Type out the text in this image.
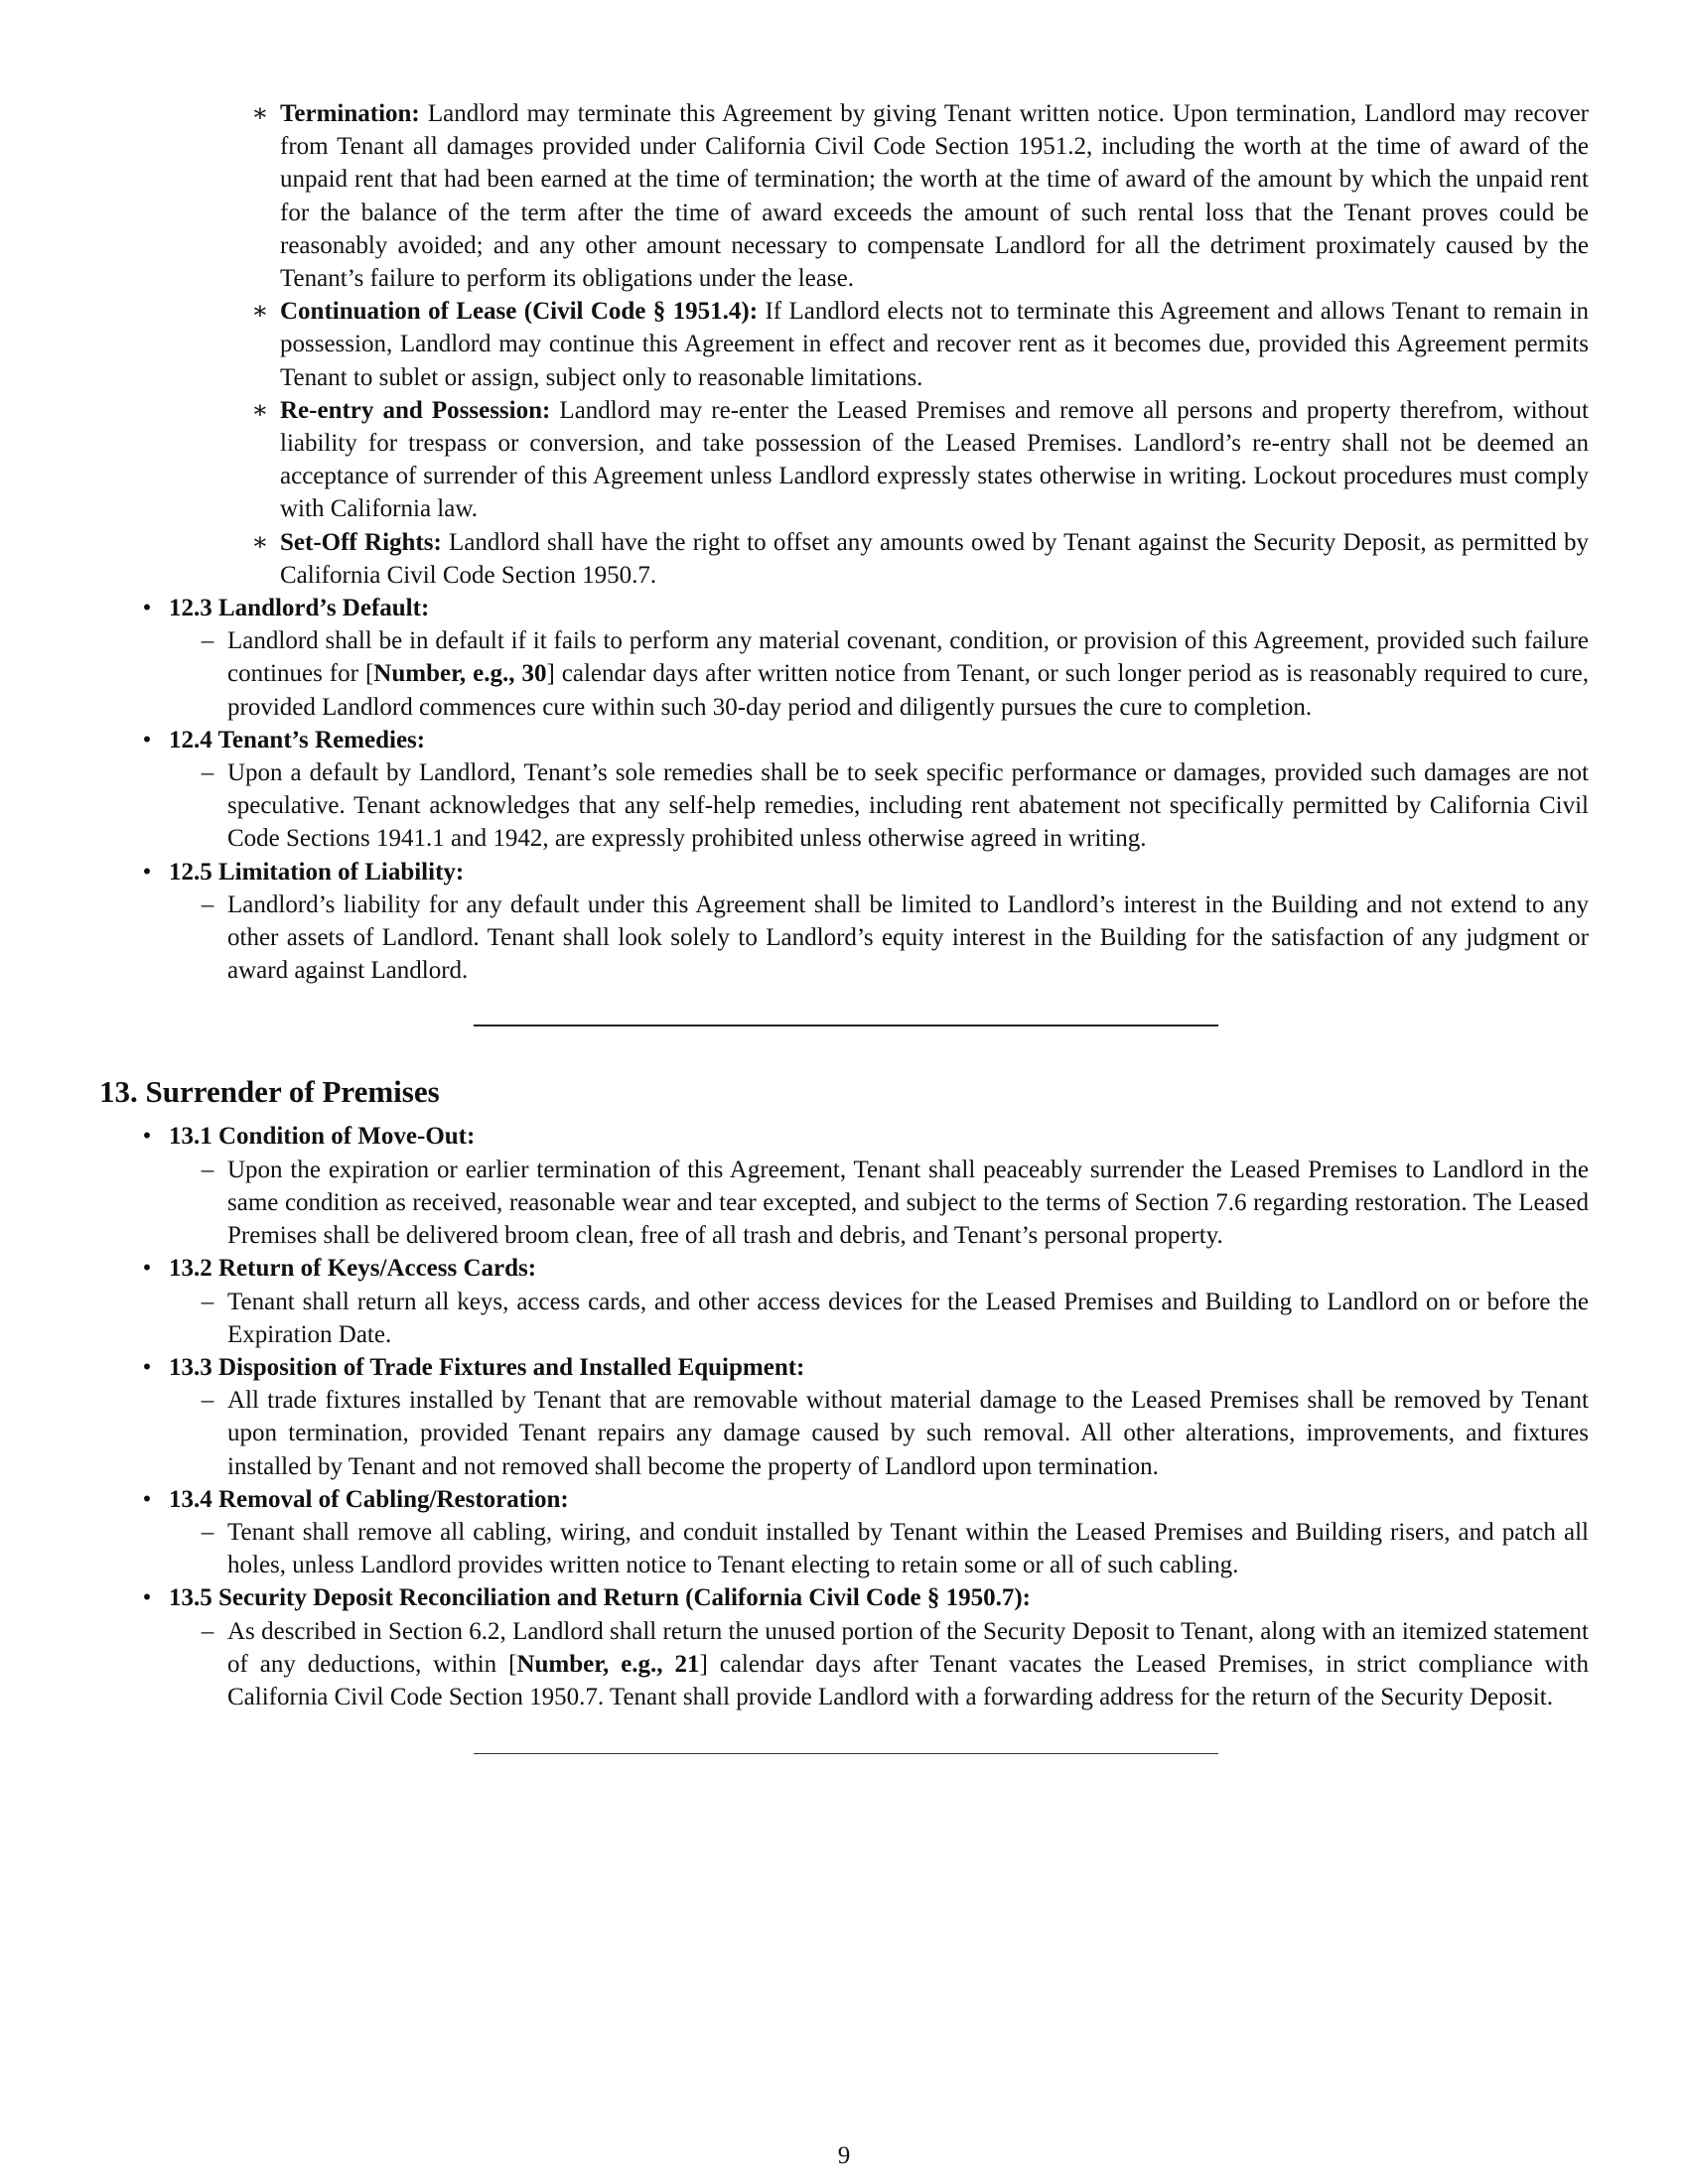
∗ Termination: Landlord may terminate this Agreement by giving Tenant written notice. Upon termination, Landlord may recover from Tenant all damages provided under California Civil Code Section 1951.2, including the worth at the time of award of the unpaid rent that had been earned at the time of termination; the worth at the time of award of the amount by which the unpaid rent for the balance of the term after the time of award exceeds the amount of such rental loss that the Tenant proves could be reasonably avoided; and any other amount necessary to compensate Landlord for all the detriment proximately caused by the Tenant’s failure to perform its obligations under the lease.
∗ Continuation of Lease (Civil Code § 1951.4): If Landlord elects not to terminate this Agreement and allows Tenant to remain in possession, Landlord may continue this Agreement in effect and recover rent as it becomes due, provided this Agreement permits Tenant to sublet or assign, subject only to reasonable limitations.
∗ Re-entry and Possession: Landlord may re-enter the Leased Premises and remove all persons and property therefrom, without liability for trespass or conversion, and take possession of the Leased Premises. Landlord’s re-entry shall not be deemed an acceptance of surrender of this Agreement unless Landlord expressly states otherwise in writing. Lockout procedures must comply with California law.
∗ Set-Off Rights: Landlord shall have the right to offset any amounts owed by Tenant against the Security Deposit, as permitted by California Civil Code Section 1950.7.
• 12.3 Landlord’s Default:
– Landlord shall be in default if it fails to perform any material covenant, condition, or provision of this Agreement, provided such failure continues for [Number, e.g., 30] calendar days after written notice from Tenant, or such longer period as is reasonably required to cure, provided Landlord commences cure within such 30-day period and diligently pursues the cure to completion.
• 12.4 Tenant’s Remedies:
– Upon a default by Landlord, Tenant’s sole remedies shall be to seek specific performance or damages, provided such damages are not speculative. Tenant acknowledges that any self-help remedies, including rent abatement not specifically permitted by California Civil Code Sections 1941.1 and 1942, are expressly prohibited unless otherwise agreed in writing.
• 12.5 Limitation of Liability:
– Landlord’s liability for any default under this Agreement shall be limited to Landlord’s interest in the Building and not extend to any other assets of Landlord. Tenant shall look solely to Landlord’s equity interest in the Building for the satisfaction of any judgment or award against Landlord.
13. Surrender of Premises
• 13.1 Condition of Move-Out:
– Upon the expiration or earlier termination of this Agreement, Tenant shall peaceably surrender the Leased Premises to Landlord in the same condition as received, reasonable wear and tear excepted, and subject to the terms of Section 7.6 regarding restoration. The Leased Premises shall be delivered broom clean, free of all trash and debris, and Tenant’s personal property.
• 13.2 Return of Keys/Access Cards:
– Tenant shall return all keys, access cards, and other access devices for the Leased Premises and Building to Landlord on or before the Expiration Date.
• 13.3 Disposition of Trade Fixtures and Installed Equipment:
– All trade fixtures installed by Tenant that are removable without material damage to the Leased Premises shall be removed by Tenant upon termination, provided Tenant repairs any damage caused by such removal. All other alterations, improvements, and fixtures installed by Tenant and not removed shall become the property of Landlord upon termination.
• 13.4 Removal of Cabling/Restoration:
– Tenant shall remove all cabling, wiring, and conduit installed by Tenant within the Leased Premises and Building risers, and patch all holes, unless Landlord provides written notice to Tenant electing to retain some or all of such cabling.
• 13.5 Security Deposit Reconciliation and Return (California Civil Code § 1950.7):
– As described in Section 6.2, Landlord shall return the unused portion of the Security Deposit to Tenant, along with an itemized statement of any deductions, within [Number, e.g., 21] calendar days after Tenant vacates the Leased Premises, in strict compliance with California Civil Code Section 1950.7. Tenant shall provide Landlord with a forwarding address for the return of the Security Deposit.
9
